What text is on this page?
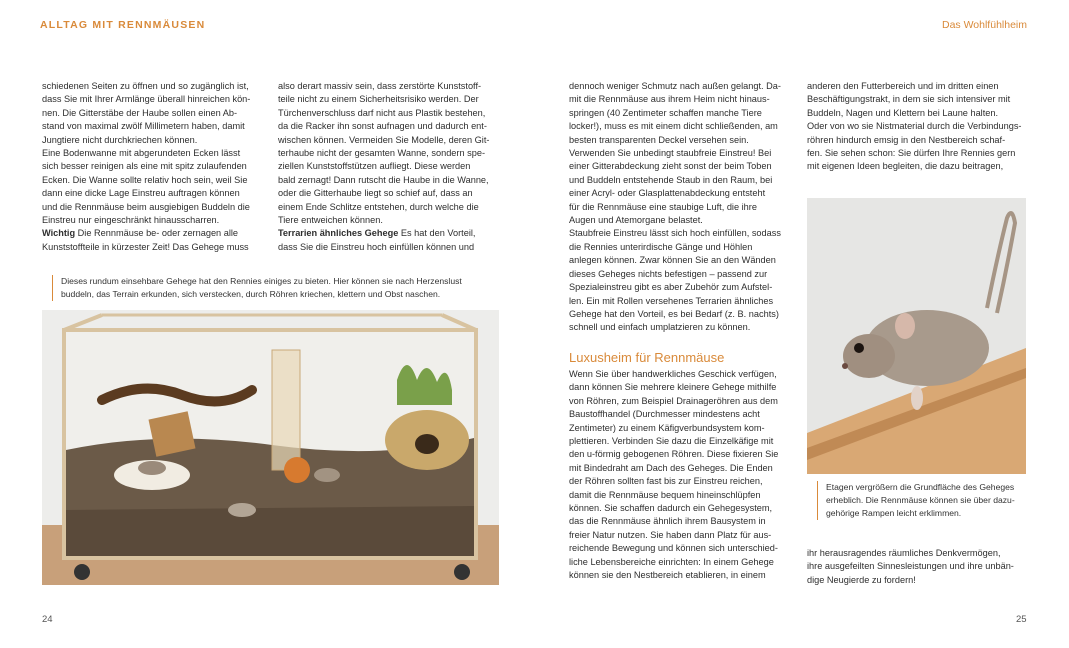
ALLTAG MIT RENNMÄUSEN

schiedenen Seiten zu öffnen und so zugänglich ist,

dass Sie mit Ihrer Armlänge überall hinreichen kön-

nen. Die Gitterstäbe der Haube sollen einen Ab-

stand von maximal zwölf Millimetern haben, damit

Jungtiere nicht durchkriechen können.

Eine Bodenwanne mit abgerundeten Ecken lässt

sich besser reinigen als eine mit spitz zulaufenden

Ecken. Die Wanne sollte relativ hoch sein, weil Sie

dann eine dicke Lage Einstreu auftragen können

und die Rennmäuse beim ausgiebigen Buddeln die

Einstreu nur eingeschränkt hinausscharren.

Wichtig Die Rennmäuse be- oder zernagen alle

Kunststoffteile in kürzester Zeit! Das Gehege muss

also derart massiv sein, dass zerstörte Kunststoff-

teile nicht zu einem Sicherheitsrisiko werden. Der

Türchenverschluss darf nicht aus Plastik bestehen,

da die Racker ihn sonst aufnagen und dadurch ent-

wischen können. Vermeiden Sie Modelle, deren Git-

terhaube nicht der gesamten Wanne, sondern spe-

ziellen Kunststoffstützen aufliegt. Diese werden

bald zernagt! Dann rutscht die Haube in die Wanne,

oder die Gitterhaube liegt so schief auf, dass an

einem Ende Schlitze entstehen, durch welche die

Tiere entweichen können.

Terrarien ähnliches Gehege Es hat den Vorteil,

dass Sie die Einstreu hoch einfüllen können und

Dieses rundum einsehbare Gehege hat den Rennies einiges zu bieten. Hier können sie nach Herzenslust
buddeln, das Terrain erkunden, sich verstecken, durch Röhren kriechen, klettern und Obst naschen.
24
Das Wohlfühlheim

dennoch weniger Schmutz nach außen gelangt. Da-

mit die Rennmäuse aus ihrem Heim nicht hinaus-

springen (40 Zentimeter schaffen manche Tiere

locker!), muss es mit einem dicht schließenden, am

besten transparenten Deckel versehen sein.

Verwenden Sie unbedingt staubfreie Einstreu! Bei

einer Gitterabdeckung zieht sonst der beim Toben

und Buddeln entstehende Staub in den Raum, bei

einer Acryl- oder Glasplattenabdeckung entsteht

für die Rennmäuse eine staubige Luft, die ihre

Augen und Atemorgane belastet.

Staubfreie Einstreu lässt sich hoch einfüllen, sodass

die Rennies unterirdische Gänge und Höhlen

anlegen können. Zwar können Sie an den Wänden

dieses Geheges nichts befestigen – passend zur

Spezialeinstreu gibt es aber Zubehör zum Aufstel-

len. Ein mit Rollen versehenes Terrarien ähnliches

Gehege hat den Vorteil, es bei Bedarf (z. B. nachts)

schnell und einfach umplatzieren zu können.

Luxusheim für Rennmäuse

Wenn Sie über handwerkliches Geschick verfügen,

dann können Sie mehrere kleinere Gehege mithilfe

von Röhren, zum Beispiel Drainageröhren aus dem

Baustoffhandel (Durchmesser mindestens acht

Zentimeter) zu einem Käfigverbundsystem kom-

plettieren. Verbinden Sie dazu die Einzelkäfige mit

den u-förmig gebogenen Röhren. Diese fixieren Sie

mit Bindedraht am Dach des Geheges. Die Enden

der Röhren sollten fast bis zur Einstreu reichen,

damit die Rennmäuse bequem hineinschlüpfen

können. Sie schaffen dadurch ein Gehegesystem,

das die Rennmäuse ähnlich ihrem Bausystem in

freier Natur nutzen. Sie haben dann Platz für aus-

reichende Bewegung und können sich unterschied-

liche Lebensbereiche einrichten: In einem Gehege

können sie den Nestbereich etablieren, in einem

anderen den Futterbereich und im dritten einen

Beschäftigungstrakt, in dem sie sich intensiver mit

Buddeln, Nagen und Klettern bei Laune halten.

Oder von wo sie Nistmaterial durch die Verbindungs-

röhren hindurch emsig in den Nestbereich schaf-

fen. Sie sehen schon: Sie dürfen Ihre Rennies gern

mit eigenen Ideen begleiten, die dazu beitragen,

Etagen vergrößern die Grundfläche des Geheges
erheblich. Die Rennmäuse können sie über dazu-
gehörige Rampen leicht erklimmen.

ihr herausragendes räumliches Denkvermögen,

ihre ausgefeilten Sinnesleistungen und ihre unbän-

dige Neugierde zu fordern!

25
